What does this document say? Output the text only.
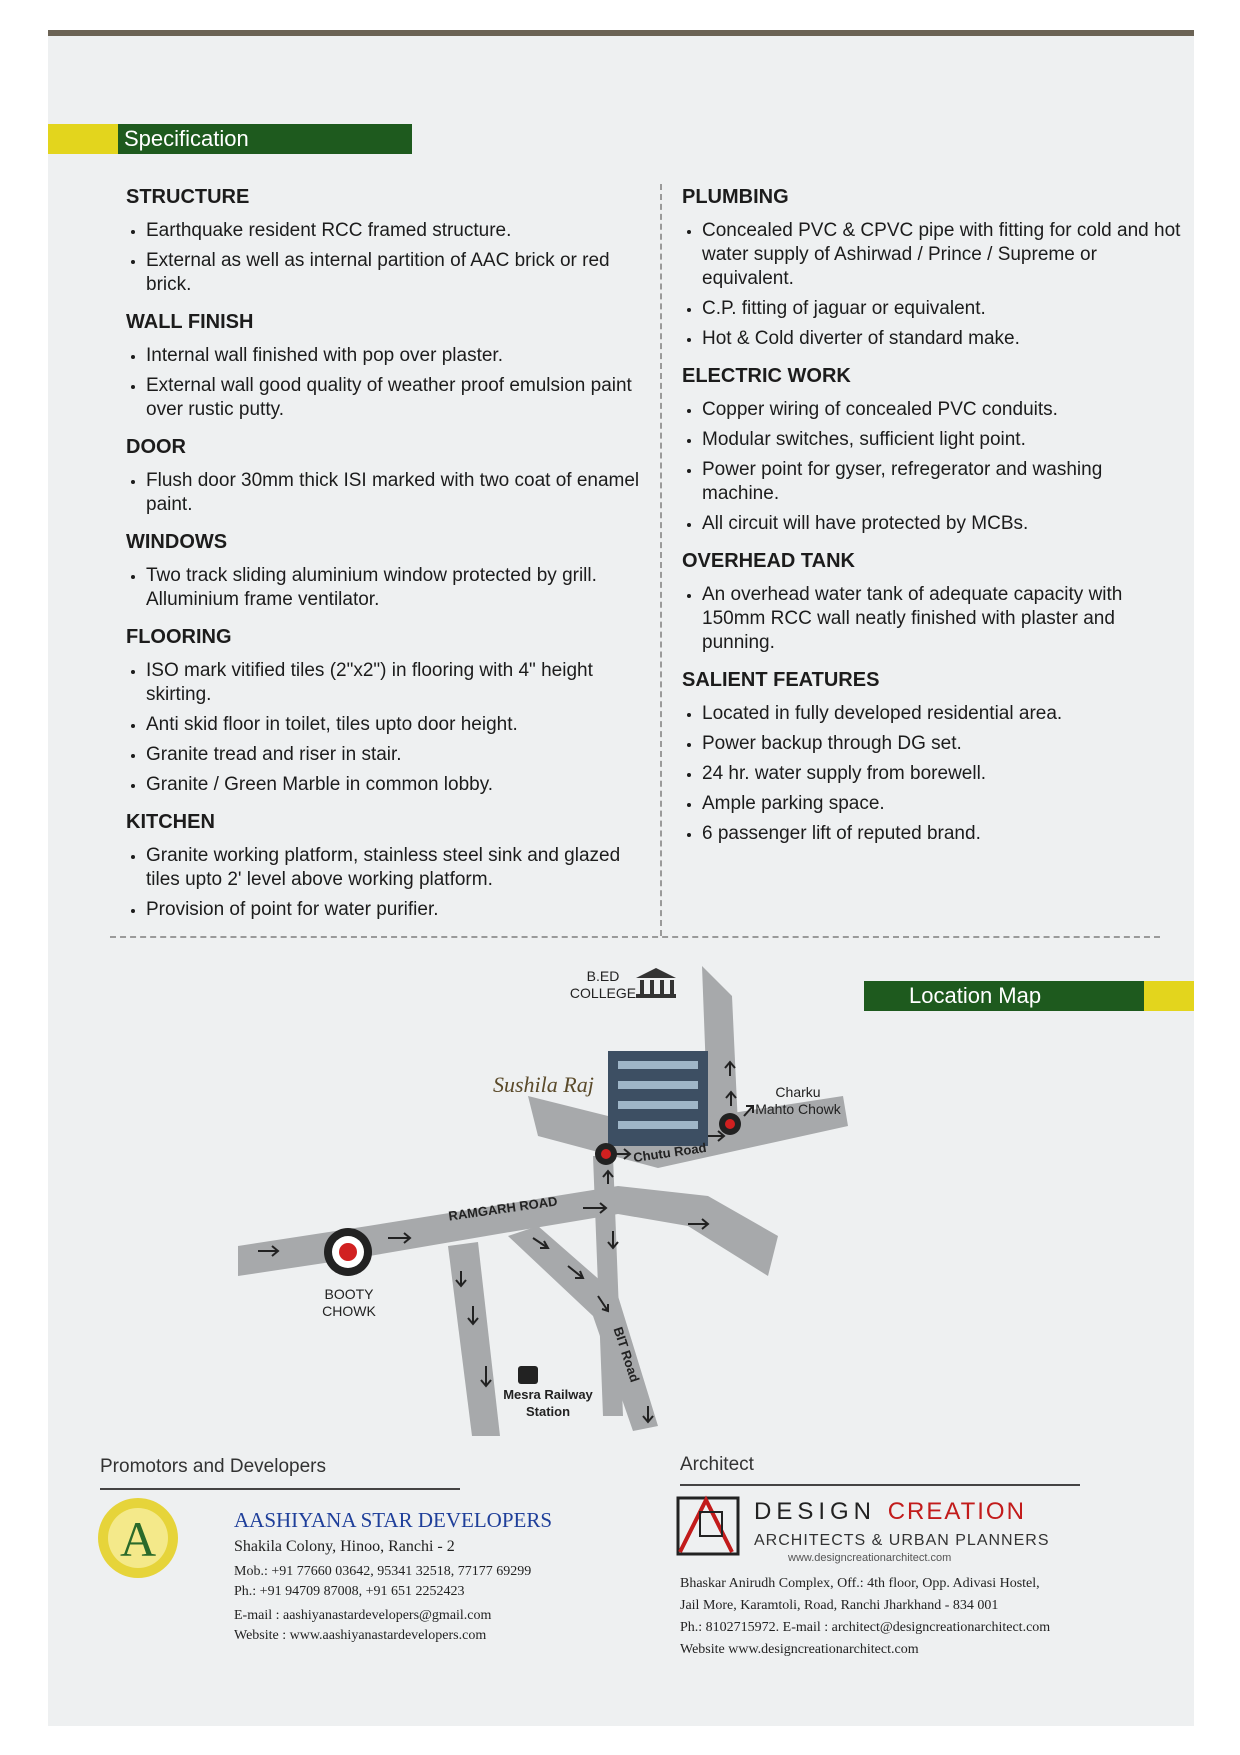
Specification
STRUCTURE
• Earthquake resident RCC framed structure.
• External as well as internal partition of AAC brick or red brick.
WALL FINISH
• Internal wall finished with pop over plaster.
• External wall good quality of weather proof emulsion paint over rustic putty.
DOOR
• Flush door 30mm thick ISI marked with two coat of enamel paint.
WINDOWS
• Two track sliding aluminium window protected by grill. Alluminium frame ventilator.
FLOORING
• ISO mark vitified tiles (2"x2") in flooring with 4" height skirting.
• Anti skid floor in toilet, tiles upto door height.
• Granite tread and riser in stair.
• Granite / Green Marble in common lobby.
KITCHEN
• Granite working platform, stainless steel sink and glazed tiles upto 2' level above working platform.
• Provision of point for water purifier.
PLUMBING
• Concealed PVC & CPVC pipe with fitting for cold and hot water supply of Ashirwad / Prince / Supreme or equivalent.
• C.P. fitting of jaguar or equivalent.
• Hot & Cold diverter of standard make.
ELECTRIC WORK
• Copper wiring of concealed PVC conduits.
• Modular switches, sufficient light point.
• Power point for gyser, refregerator and washing machine.
• All circuit will have protected by MCBs.
OVERHEAD TANK
• An overhead water tank of adequate capacity with 150mm RCC wall neatly finished with plaster and punning.
SALIENT FEATURES
• Located in fully developed residential area.
• Power backup through DG set.
• 24 hr. water supply from borewell.
• Ample parking space.
• 6 passenger lift of reputed brand.
Location Map
B.ED
COLLEGE
Sushila Raj	Charku
Mahto Chowk
Chutu Road
RAMGARH ROAD
BOOTY
CHOWK
BIT Road
Mesra Railway
Station
Promotors and Developers
A	AASHIYANA STAR DEVELOPERS
Shakila Colony, Hinoo, Ranchi - 2
Mob.: +91 77660 03642, 95341 32518, 77177 69299
Ph.: +91 94709 87008, +91 651 2252423
E-mail : aashiyanastardevelopers@gmail.com
Website : www.aashiyanastardevelopers.com
Architect
DESIGN CREATION
ARCHITECTS & URBAN PLANNERS
www.designcreationarchitect.com
Bhaskar Anirudh Complex, Off.: 4th floor, Opp. Adivasi Hostel,
Jail More, Karamtoli, Road, Ranchi Jharkhand - 834 001
Ph.: 8102715972. E-mail : architect@designcreationarchitect.com
Website www.designcreationarchitect.com
